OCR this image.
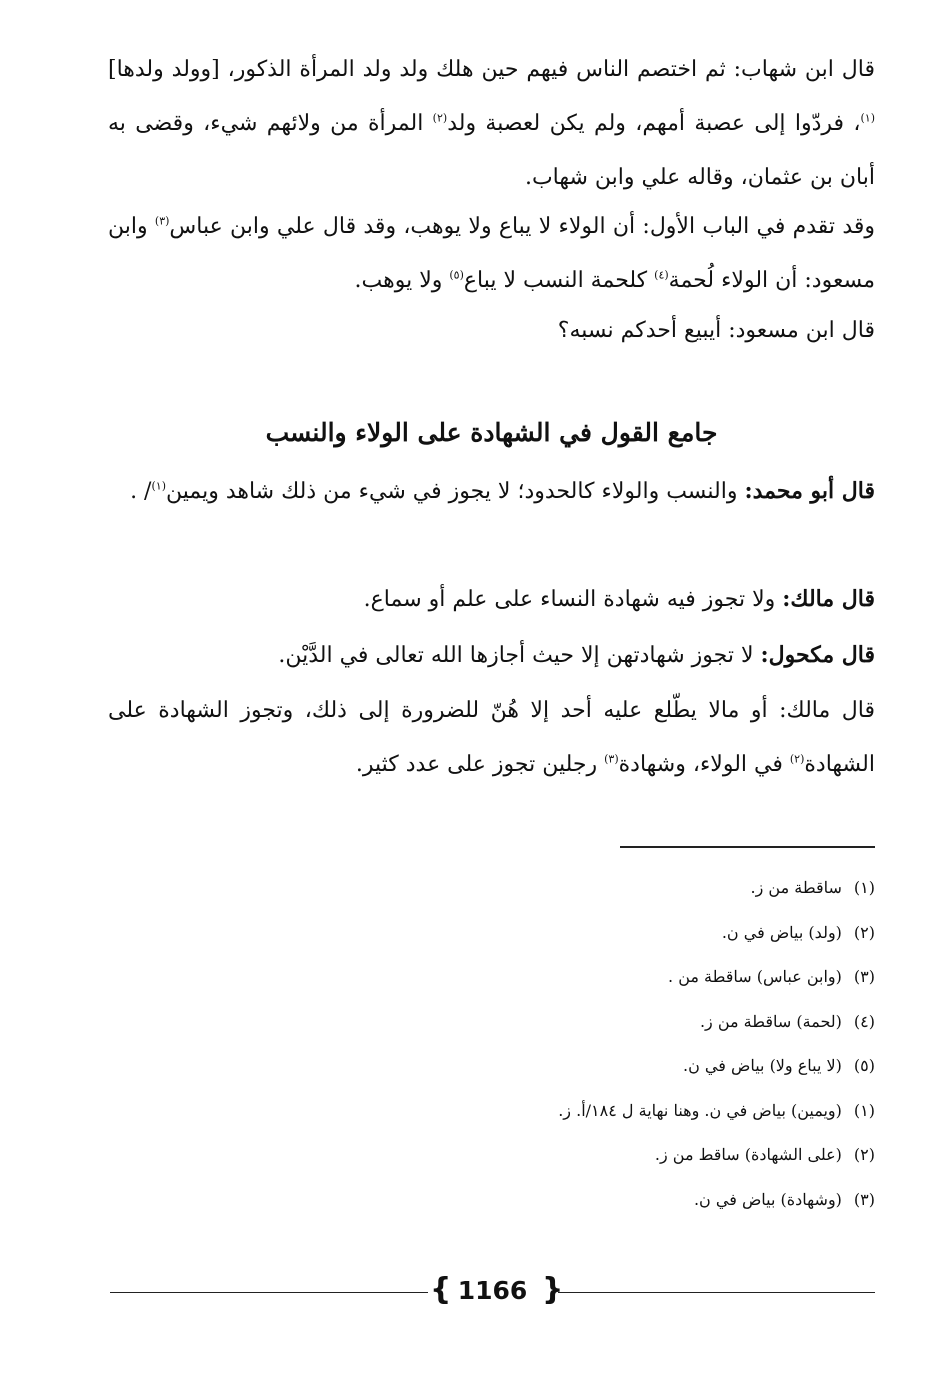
قال ابن شهاب: ثم اختصم الناس فيهم حين هلك ولد ولد المرأة الذكور، [وولد ولدها]$^{(١)}$، فردّوا إلى عصبة أمهم، ولم يكن لعصبة ولد$^{(٢)}$ المرأة من ولائهم شيء، وقضى به أبان بن عثمان، وقاله علي وابن شهاب.

وقد تقدم في الباب الأول: أن الولاء لا يباع ولا يوهب، وقد قال علي وابن عباس$^{(٣)}$ وابن مسعود: أن الولاء لُحمة$^{(٤)}$ كلحمة النسب لا يباع$^{(٥)}$ ولا يوهب.

قال ابن مسعود: أيبيع أحدكم نسبه؟

جامع القول في الشهادة على الولاء والنسب

قال أبو محمد: والنسب والولاء كالحدود؛ لا يجوز في شيء من ذلك شاهد ويمين$^{(١)}$/ .

قال مالك: ولا تجوز فيه شهادة النساء على علم أو سماع.

قال مكحول: لا تجوز شهادتهن إلا حيث أجازها الله تعالى في الدَّيْن.

قال مالك: أو مالا يطّلع عليه أحد إلا هُنّ للضرورة إلى ذلك، وتجوز الشهادة على الشهادة$^{(٢)}$ في الولاء، وشهادة$^{(٣)}$ رجلين تجوز على عدد كثير.

(١)ساقطة من ز.
(٢)(ولد) بياض في ن.
(٣)(وابن عباس) ساقطة من .
(٤)(لحمة) ساقطة من ز.
(٥)(لا يباع ولا) بياض في ن.
(١)(ويمين) بياض في ن. وهنا نهاية ل ١٨٤/أ. ز.
(٢)(على الشهادة) ساقط من ز.
(٣)(وشهادة) بياض في ن.
{ 1166 }
